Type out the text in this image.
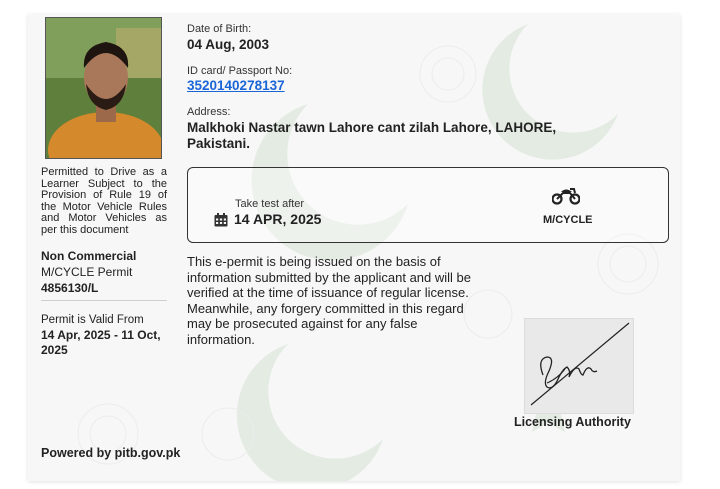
Permitted to Drive as a Learner Subject to the Provision of Rule 19 of the Motor Vehicle Rules and Motor Vehicles as per this document
Non Commercial
M/CYCLE Permit
4856130/L
Permit is Valid From
14 Apr, 2025 - 11 Oct, 2025
Date of Birth:
04 Aug, 2003
ID card/ Passport No:
3520140278137
Address:
Malkhoki Nastar tawn Lahore cant zilah Lahore, LAHORE, Pakistani.
Take test after
14 APR, 2025	M/CYCLE
This e-permit is being issued on the basis of information submitted by the applicant and will be verified at the time of issuance of regular license. Meanwhile, any forgery committed in this regard may be prosecuted against for any false information.
Licensing Authority
Powered by pitb.gov.pk
